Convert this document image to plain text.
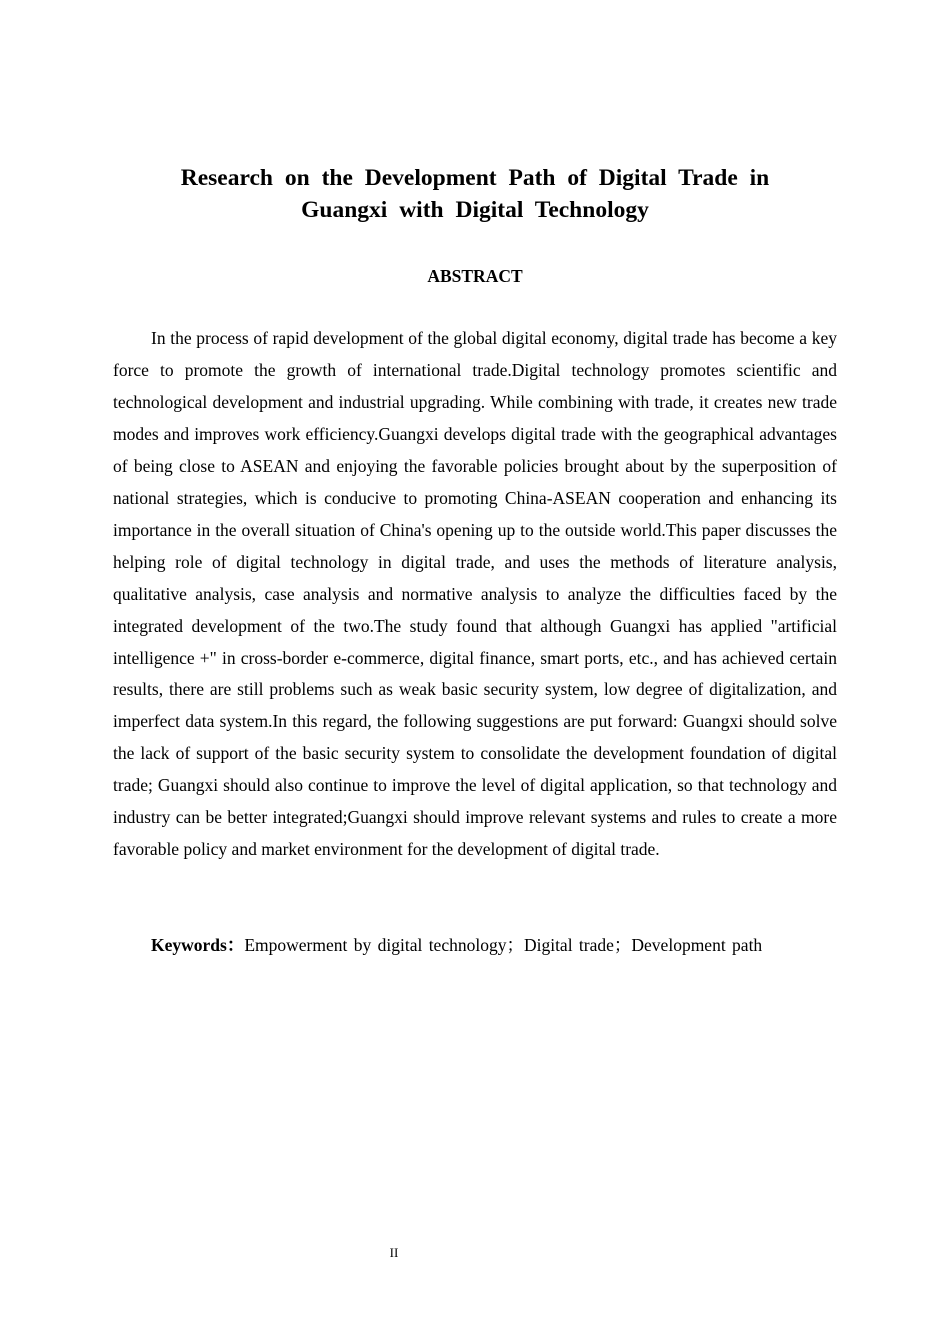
Research on the Development Path of Digital Trade in
Guangxi with Digital Technology
ABSTRACT

In the process of rapid development of the global digital economy, digital trade has become a key force to promote the growth of international trade.Digital technology promotes scientific and technological development and industrial upgrading. While combining with trade, it creates new trade modes and improves work efficiency.Guangxi develops digital trade with the geographical advantages of being close to ASEAN and enjoying the favorable policies brought about by the superposition of national strategies, which is conducive to promoting China-ASEAN cooperation and enhancing its importance in the overall situation of China's opening up to the outside world.This paper discusses the helping role of digital technology in digital trade, and uses the methods of literature analysis, qualitative analysis, case analysis and normative analysis to analyze the difficulties faced by the integrated development of the two.The study found that although Guangxi has applied "artificial intelligence +" in cross-border e-commerce, digital finance, smart ports, etc., and has achieved certain results, there are still problems such as weak basic security system, low degree of digitalization, and imperfect data system.In this regard, the following suggestions are put forward: Guangxi should solve the lack of support of the basic security system to consolidate the development foundation of digital trade; Guangxi should also continue to improve the level of digital application, so that technology and industry can be better integrated;Guangxi should improve relevant systems and rules to create a more favorable policy and market environment for the development of digital trade.

Keywords：Empowerment by digital technology；Digital trade；Development path

II
